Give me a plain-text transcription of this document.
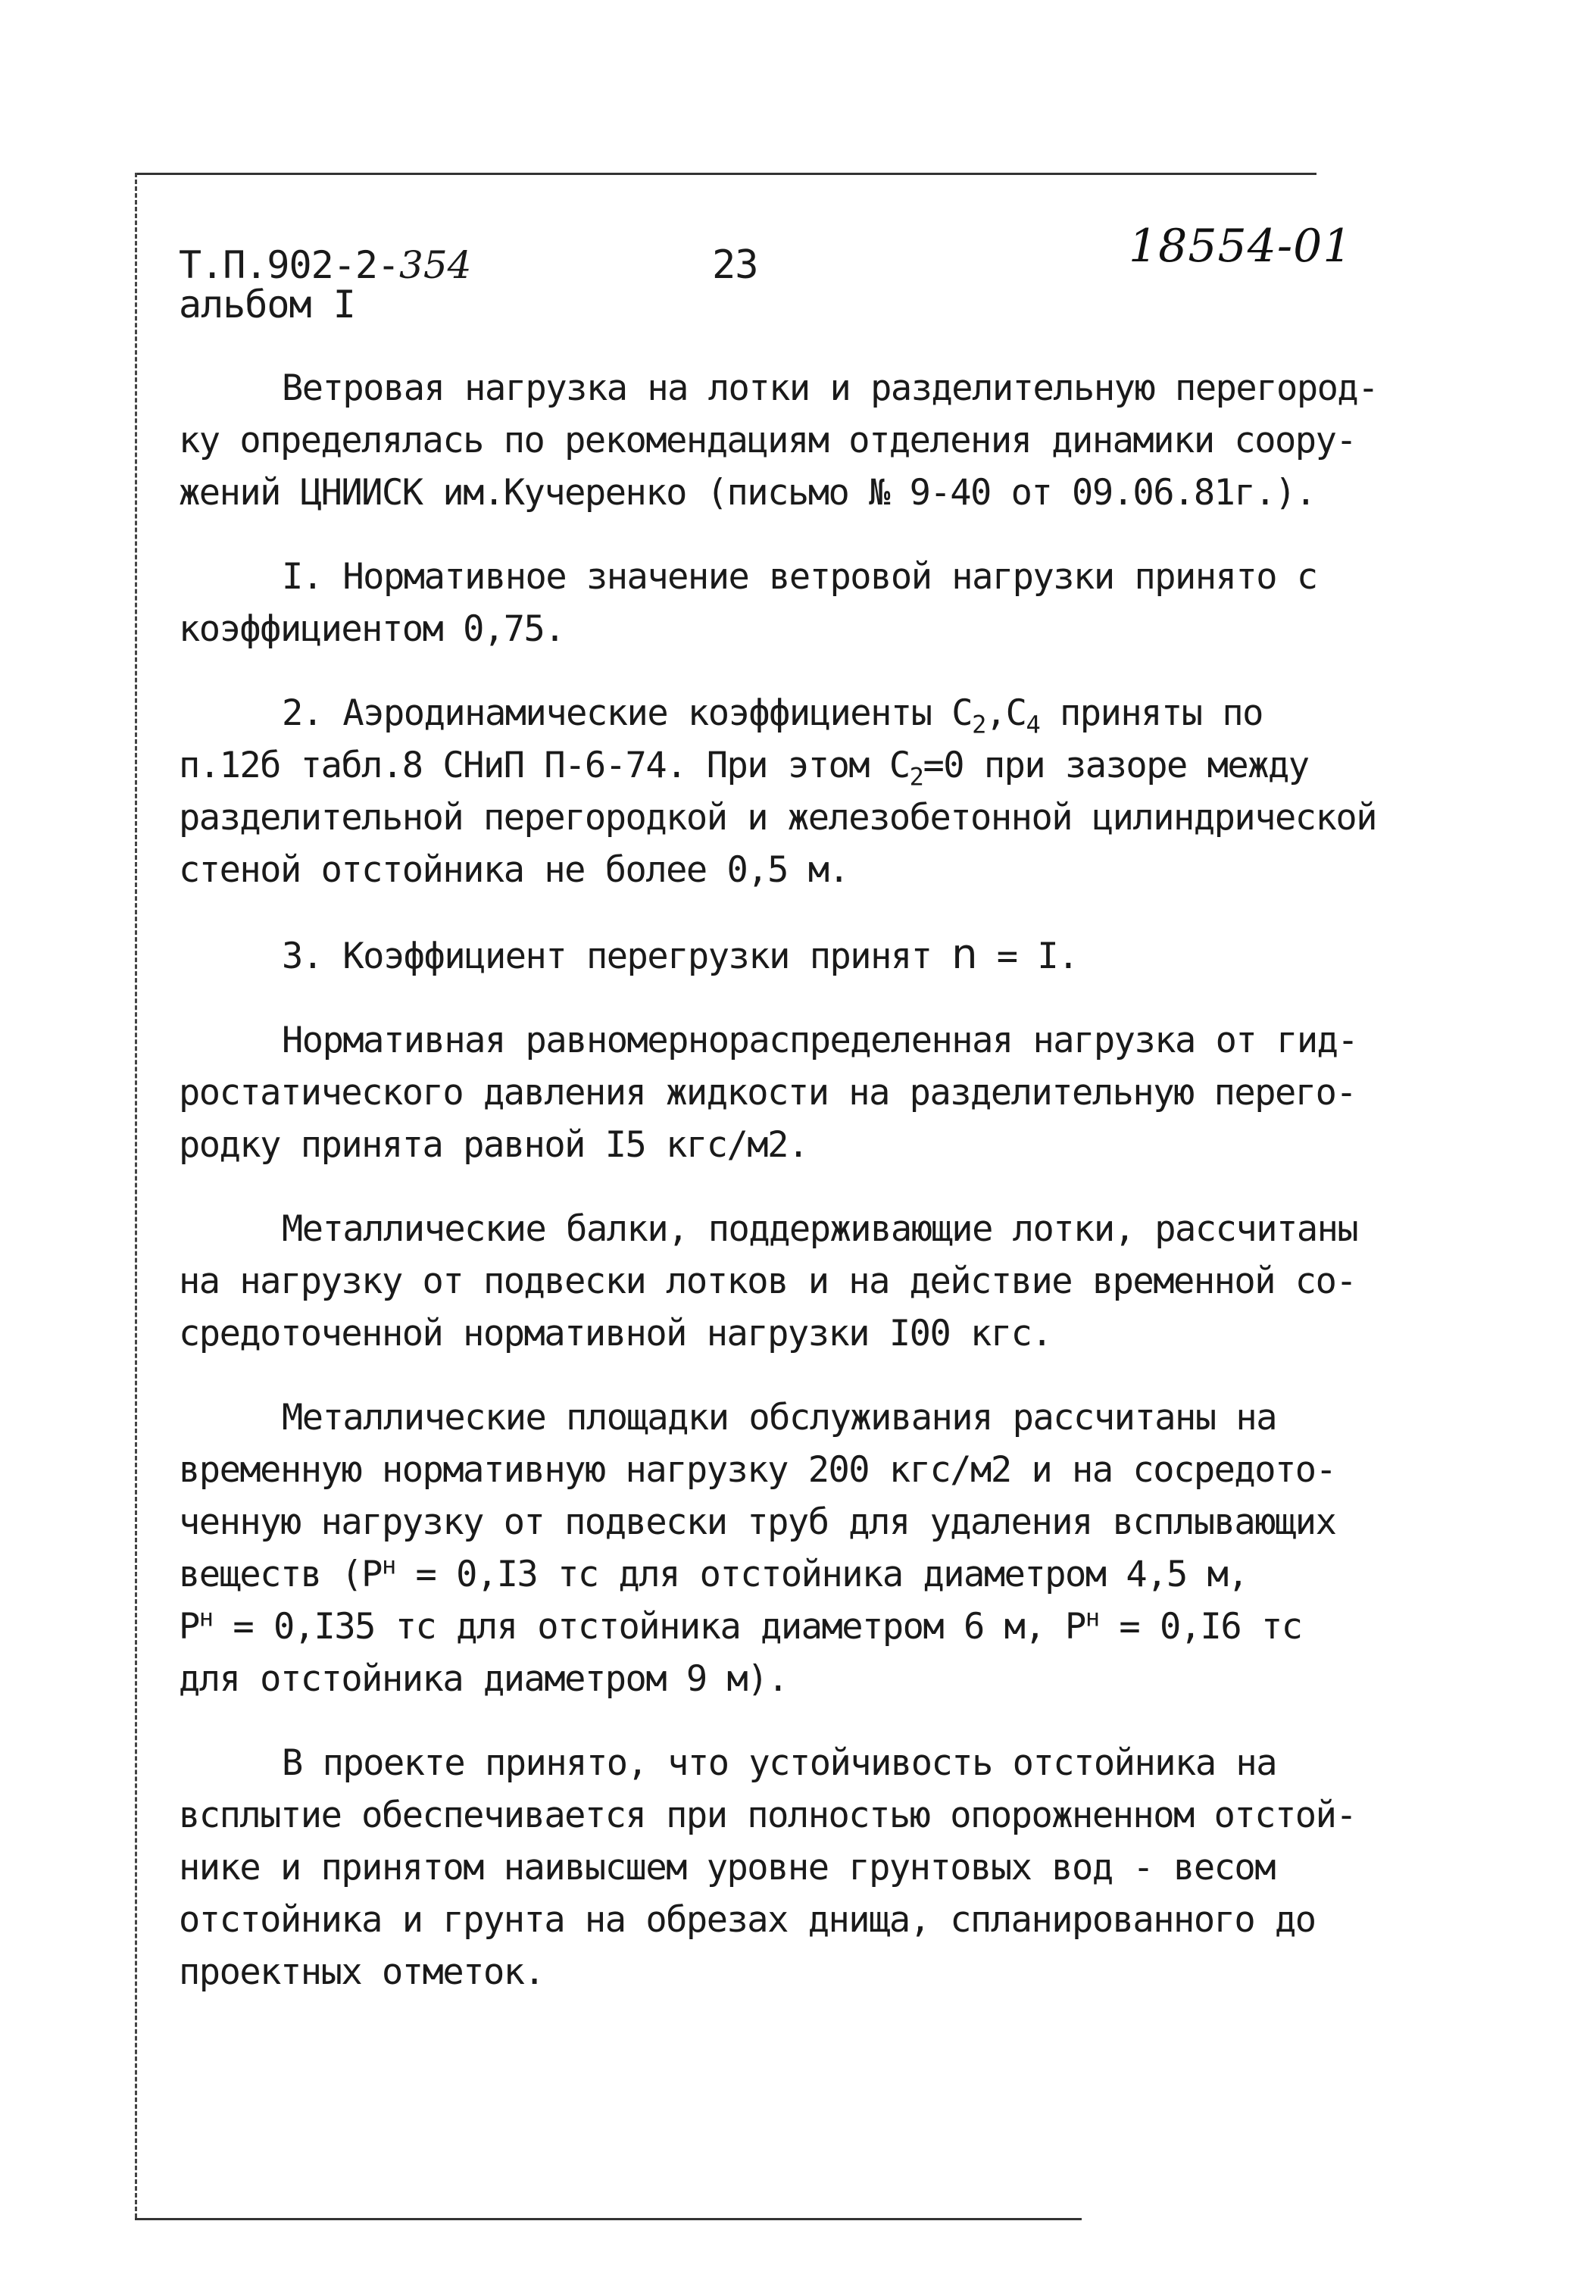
Т.П.902-2-354
альбом I
23	18554-01
Ветровая нагрузка на лотки и разделительную перегород-
ку определялась по рекомендациям отделения динамики соору-
жений ЦНИИСК им.Кучеренко (письмо № 9-40 от 09.06.81г.).
I. Нормативное значение ветровой нагрузки принято с
коэффициентом 0,75.
2. Аэродинамические коэффициенты $C_2,C_4$ приняты по
п.12б табл.8 СНиП П-6-74. При этом $C_2=0$ при зазоре между
разделительной перегородкой и железобетонной цилиндрической
стеной отстойника не более 0,5 м.
3. Коэффициент перегрузки принят n = I.
Нормативная равномернораспределенная нагрузка от гид-
ростатического давления жидкости на разделительную перего-
родку принята равной I5 кгс/м2.
Металлические балки, поддерживающие лотки, рассчитаны
на нагрузку от подвески лотков и на действие временной со-
средоточенной нормативной нагрузки I00 кгс.
Металлические площадки обслуживания рассчитаны на
временную нормативную нагрузку 200 кгс/м2 и на сосредото-
ченную нагрузку от подвески труб для удаления всплывающих
веществ ($P^н = 0,I3$ тс для отстойника диаметром 4,5 м,
$P^н = 0,I35$ тс для отстойника диаметром 6 м, $P^н = 0,I6$ тс
для отстойника диаметром 9 м).
В проекте принято, что устойчивость отстойника на
всплытие обеспечивается при полностью опорожненном отстой-
нике и принятом наивысшем уровне грунтовых вод - весом
отстойника и грунта на обрезах днища, спланированного до
проектных отметок.
